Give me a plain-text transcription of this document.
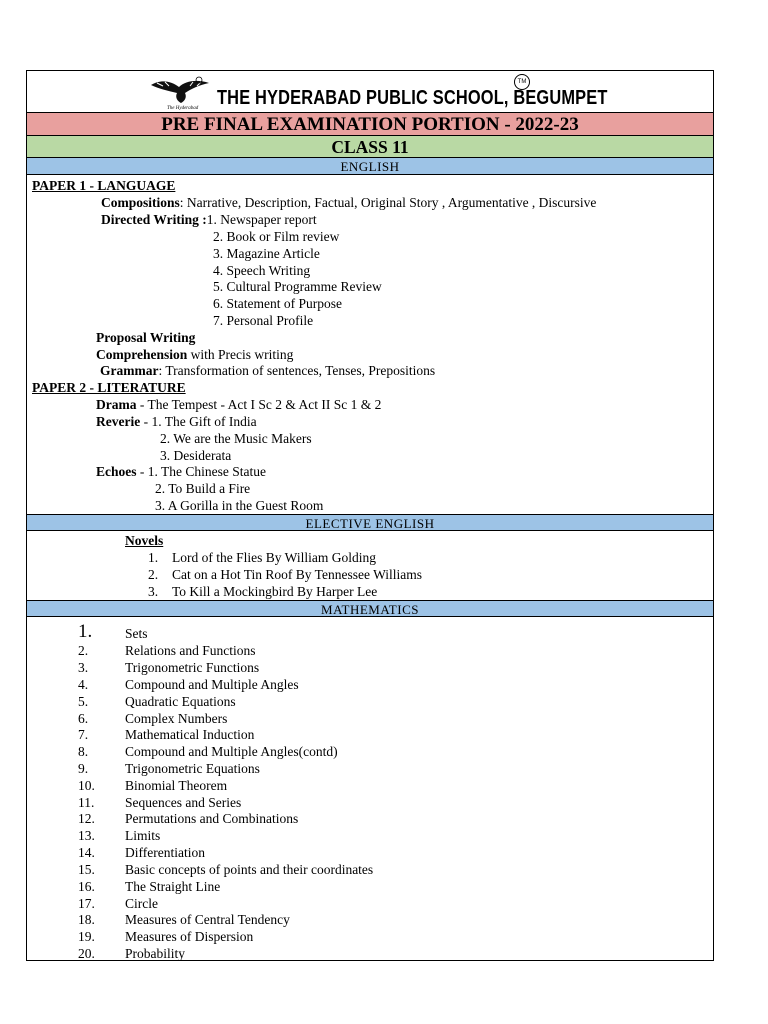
The Hyderabad THE HYDERABAD PUBLIC SCHOOL, BEGUMPET
TM
PRE FINAL EXAMINATION PORTION - 2022-23
CLASS 11
ENGLISH
PAPER 1 - LANGUAGE
Compositions: Narrative, Description, Factual, Original Story , Argumentative , Discursive
Directed Writing :1. Newspaper report
2. Book or Film review
3. Magazine Article
4. Speech Writing
5. Cultural Programme Review
6. Statement of Purpose
7. Personal Profile
Proposal Writing
Comprehension with Precis writing
Grammar: Transformation of sentences, Tenses, Prepositions
PAPER 2 - LITERATURE
Drama - The Tempest - Act I Sc 2 & Act II Sc 1 & 2
Reverie - 1. The Gift of India
2. We are the Music Makers
3. Desiderata
Echoes - 1. The Chinese Statue
2. To Build a Fire
3. A Gorilla in the Guest Room
ELECTIVE ENGLISH
Novels
1. Lord of the Flies By William Golding
2. Cat on a Hot Tin Roof By Tennessee Williams
3. To Kill a Mockingbird By Harper Lee
MATHEMATICS
1. Sets
2.	Relations and Functions
3.	Trigonometric Functions
4.	Compound and Multiple Angles
5.	Quadratic Equations
6.	Complex Numbers
7.	Mathematical Induction
8.	Compound and Multiple Angles(contd)
9.	Trigonometric Equations
10. Binomial Theorem
11. Sequences and Series
12. Permutations and Combinations
13. Limits
14. Differentiation
15. Basic concepts of points and their coordinates
16. The Straight Line
17. Circle
18. Measures of Central Tendency
19. Measures of Dispersion
20. Probability
